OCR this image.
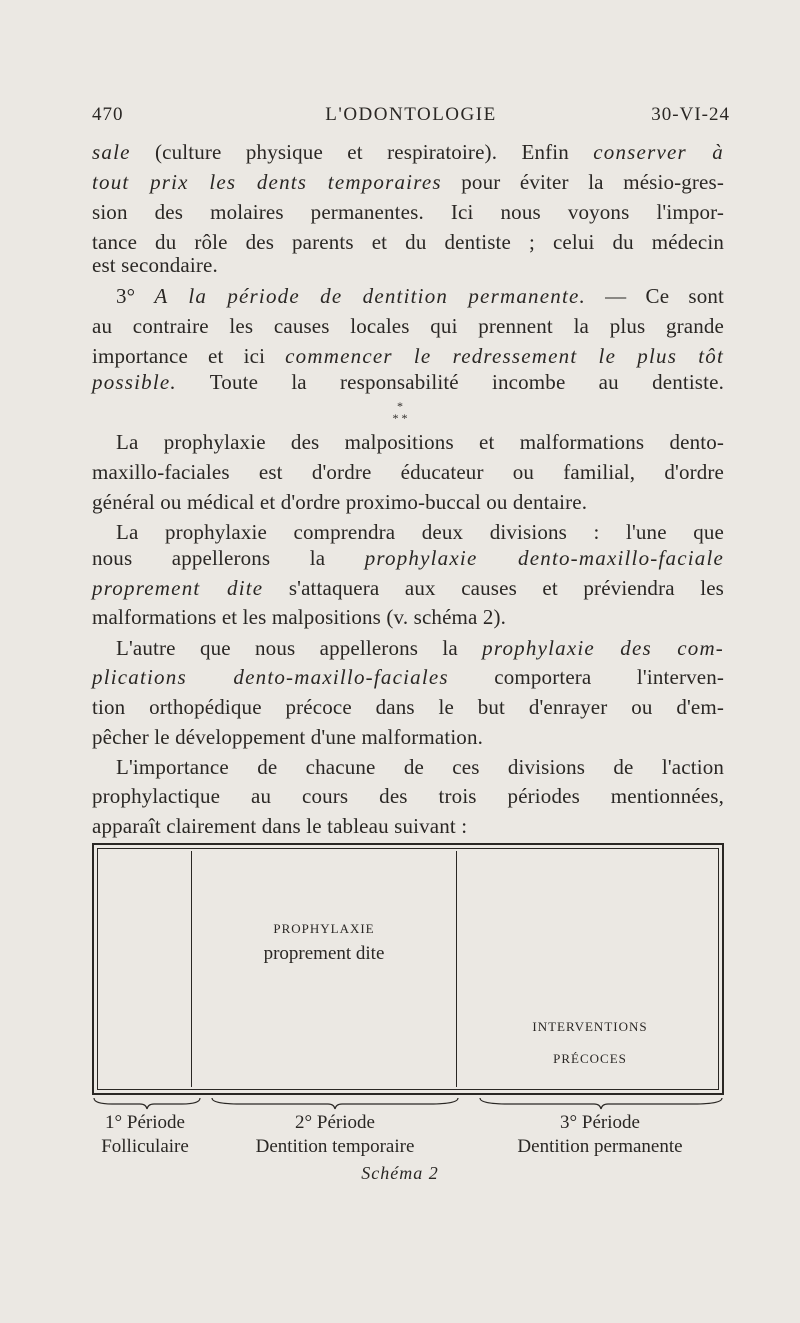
470	L'ODONTOLOGIE	30-VI-24
sale (culture physique et respiratoire). Enfin conserver à
tout prix les dents temporaires pour éviter la mésio-gres-
sion des molaires permanentes. Ici nous voyons l'impor-
tance du rôle des parents et du dentiste ; celui du médecin
est secondaire.
3° A la période de dentition permanente. — Ce sont
au contraire les causes locales qui prennent la plus grande
importance et ici commencer le redressement le plus tôt
possible. Toute la responsabilité incombe au dentiste.
*
* *
La prophylaxie des malpositions et malformations dento-
maxillo-faciales est d'ordre éducateur ou familial, d'ordre
général ou médical et d'ordre proximo-buccal ou dentaire.
La prophylaxie comprendra deux divisions : l'une que
nous appellerons la prophylaxie dento-maxillo-faciale
proprement dite s'attaquera aux causes et préviendra les
malformations et les malpositions (v. schéma 2).
L'autre que nous appellerons la prophylaxie des com-
plications dento-maxillo-faciales comportera l'interven-
tion orthopédique précoce dans le but d'enrayer ou d'em-
pêcher le développement d'une malformation.
L'importance de chacune de ces divisions de l'action
prophylactique au cours des trois périodes mentionnées,
apparaît clairement dans le tableau suivant :
PROPHYLAXIE
proprement dite
INTERVENTIONS
PRÉCOCES
1° Période
Folliculaire
2° Période
Dentition temporaire
3° Période
Dentition permanente
Schéma 2
